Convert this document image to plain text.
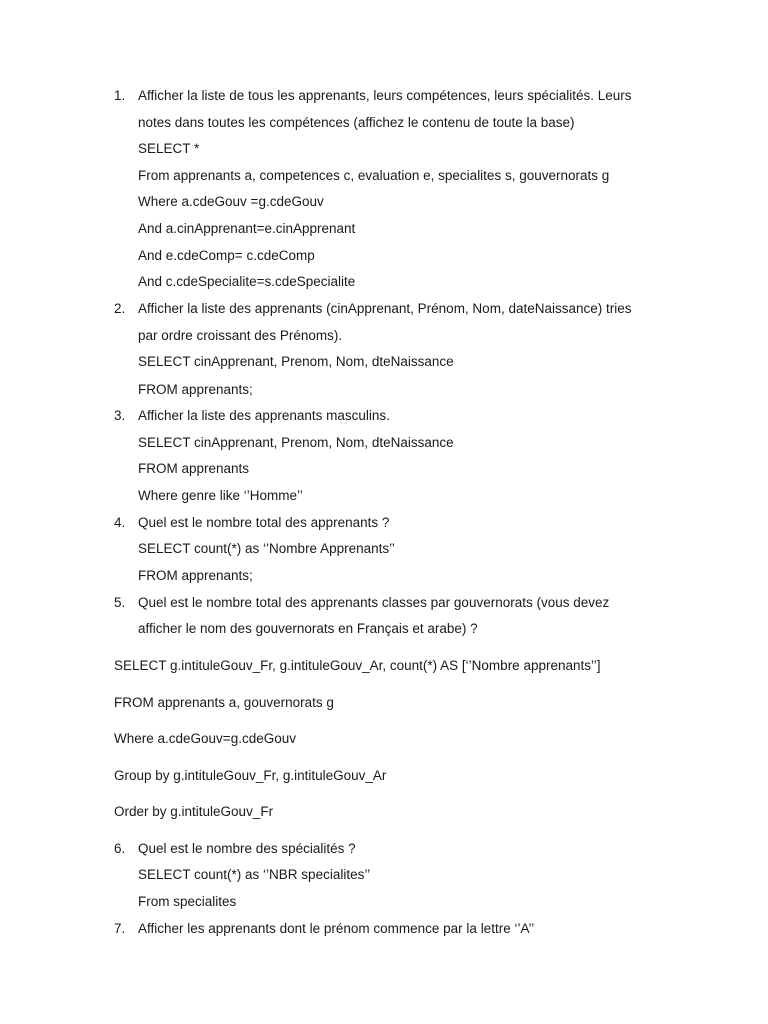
1. Afficher la liste de tous les apprenants, leurs compétences, leurs spécialités. Leurs
notes dans toutes les compétences (affichez le contenu de toute la base)
SELECT *
From apprenants a, competences c, evaluation e, specialites s, gouvernorats g
Where a.cdeGouv =g.cdeGouv
And a.cinApprenant=e.cinApprenant
And e.cdeComp= c.cdeComp
And c.cdeSpecialite=s.cdeSpecialite
2. Afficher la liste des apprenants (cinApprenant, Prénom, Nom, dateNaissance) tries
par ordre croissant des Prénoms).
SELECT cinApprenant, Prenom, Nom, dteNaissance
FROM apprenants;
3. Afficher la liste des apprenants masculins.
SELECT cinApprenant, Prenom, Nom, dteNaissance
FROM apprenants
Where genre like ‘’Homme’’
4. Quel est le nombre total des apprenants ?
SELECT count(*) as ‘’Nombre Apprenants’’
FROM apprenants;
5. Quel est le nombre total des apprenants classes par gouvernorats (vous devez
afficher le nom des gouvernorats en Français et arabe) ?
SELECT g.intituleGouv_Fr, g.intituleGouv_Ar, count(*) AS [‘’Nombre apprenants’’]
FROM apprenants a, gouvernorats g
Where a.cdeGouv=g.cdeGouv
Group by g.intituleGouv_Fr, g.intituleGouv_Ar
Order by g.intituleGouv_Fr
6. Quel est le nombre des spécialités ?
SELECT count(*) as ‘’NBR specialites’’
From specialites
7. Afficher les apprenants dont le prénom commence par la lettre ‘’A’’
